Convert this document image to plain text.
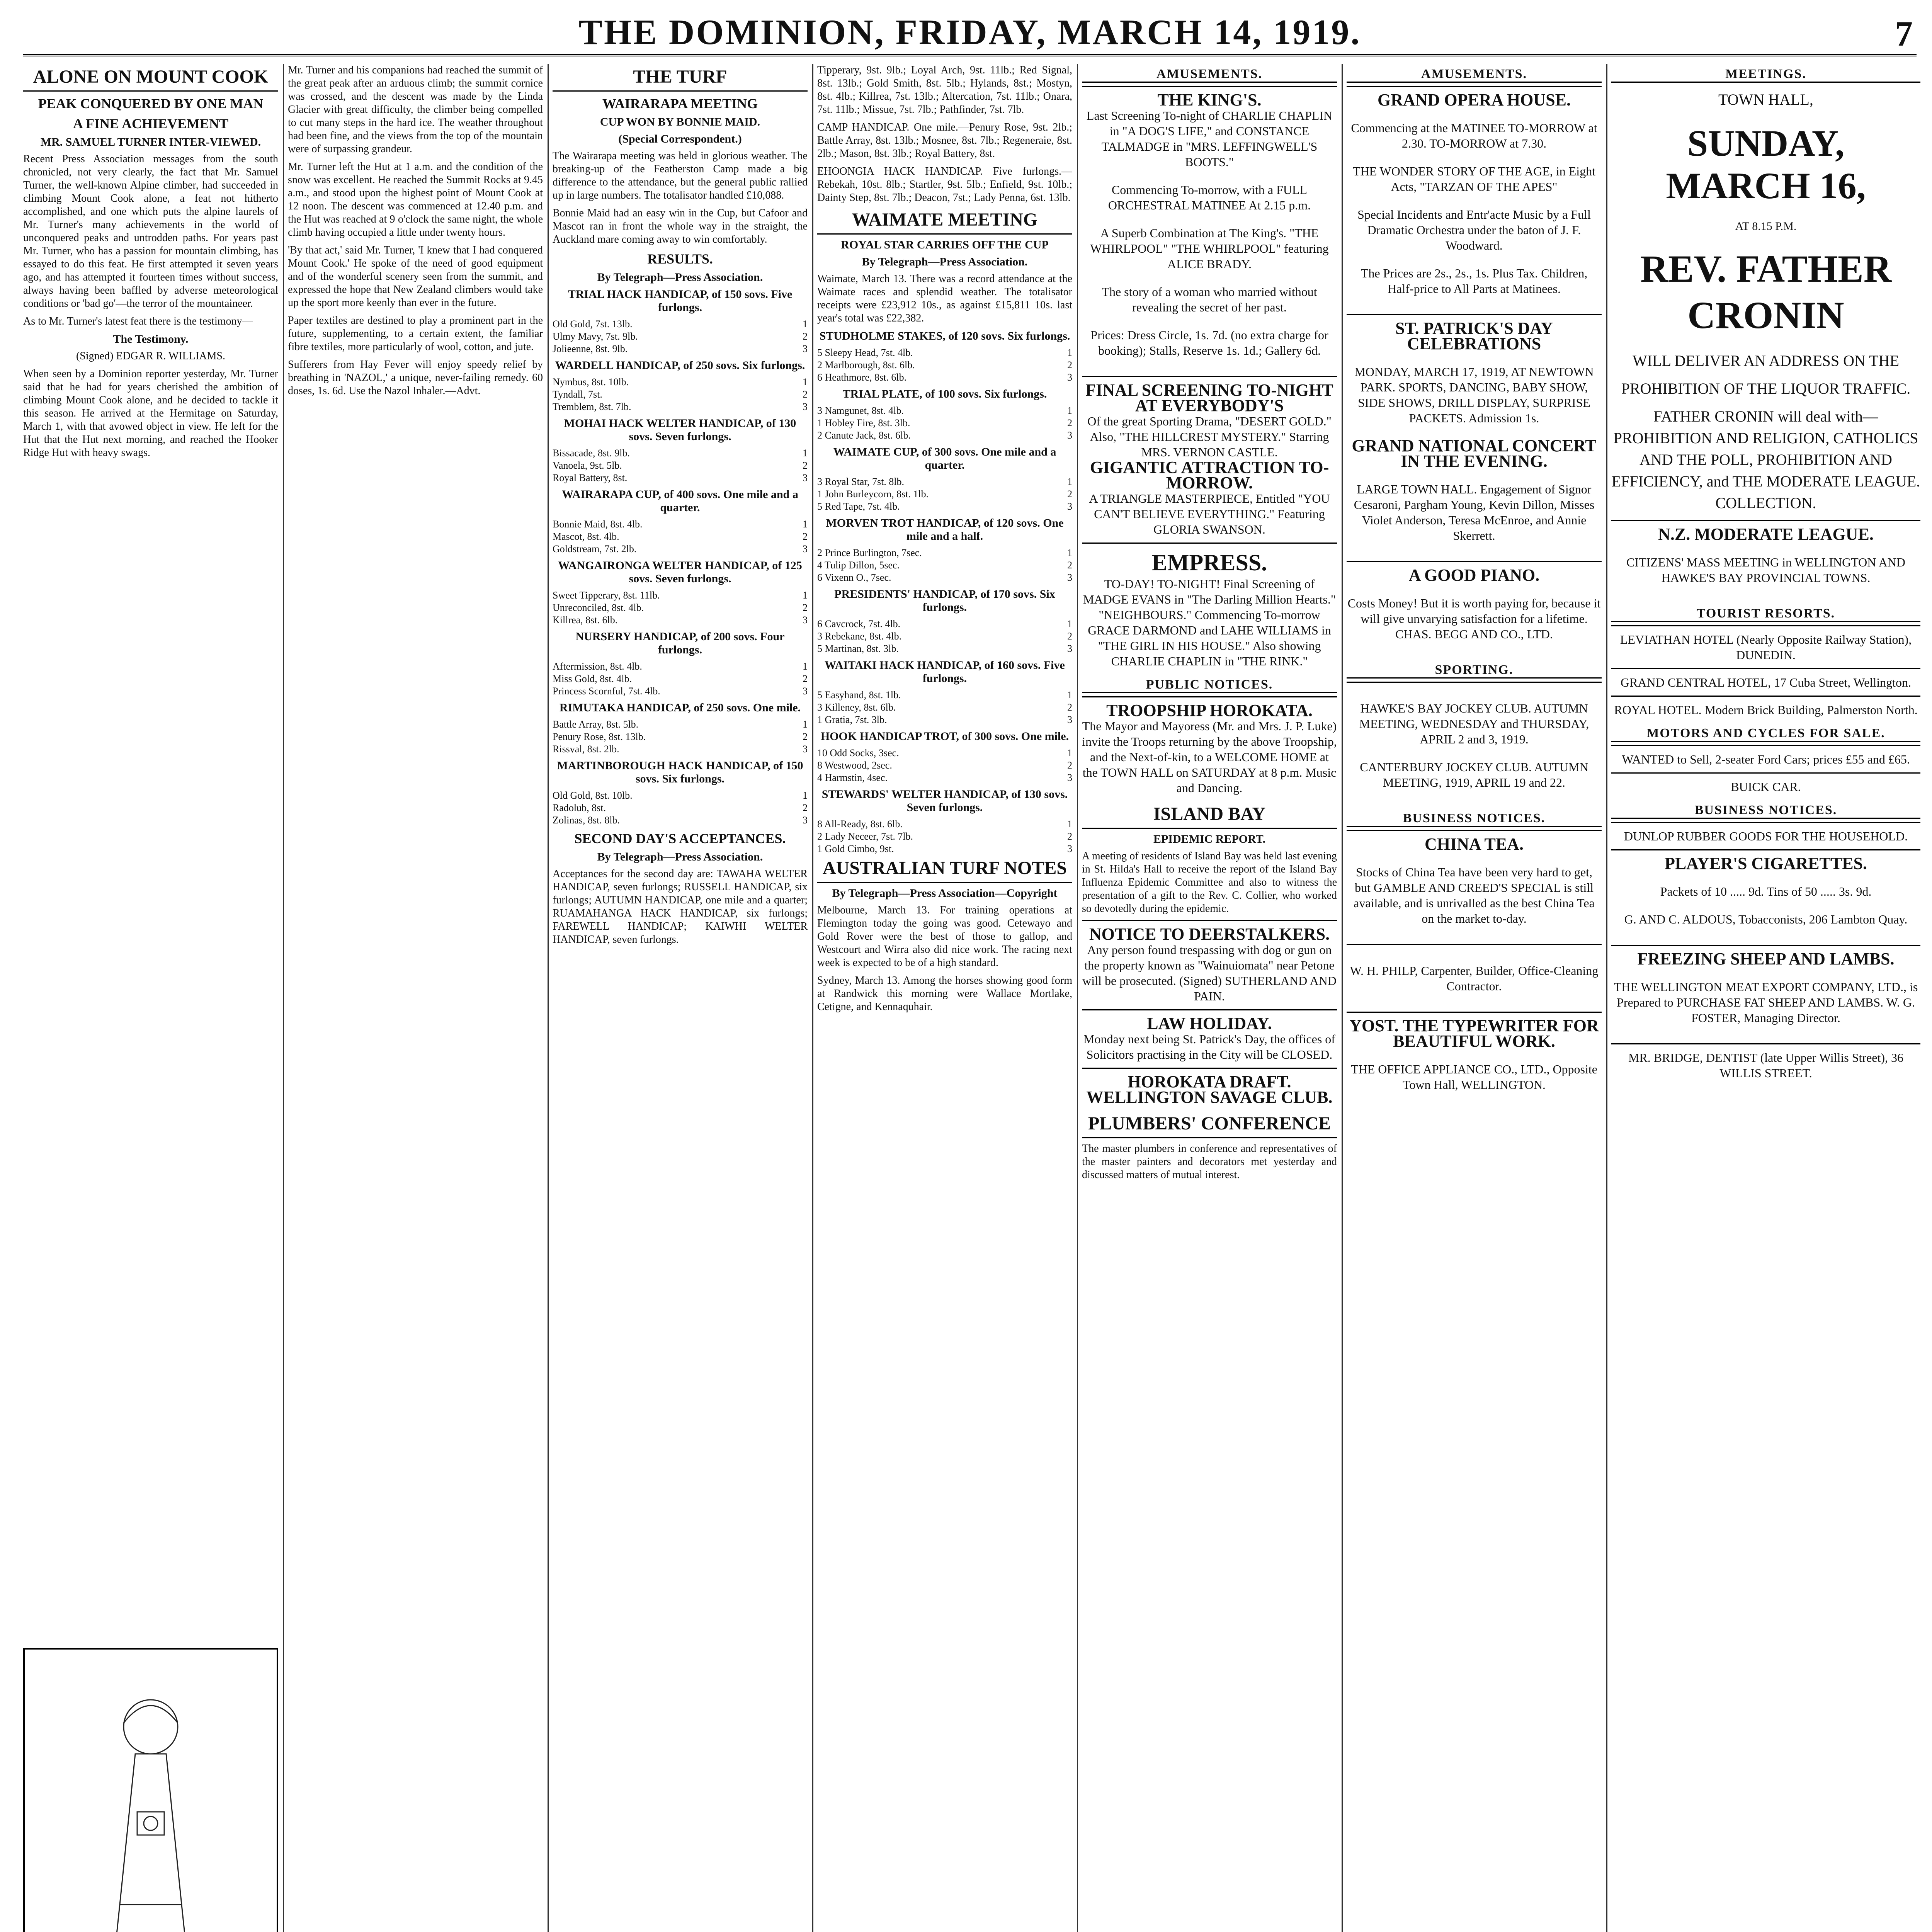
THE DOMINION, FRIDAY, MARCH 14, 1919.	7
ALONE ON MOUNT COOK
PEAK CONQUERED BY ONE MAN
A FINE ACHIEVEMENT
MR. SAMUEL TURNER INTER-VIEWED.

Recent Press Association messages from the south chronicled, not very clearly, the fact that Mr. Samuel Turner, the well-known Alpine climber, had succeeded in climbing Mount Cook alone, a feat not hitherto accomplished, and one which puts the alpine laurels of Mr. Turner's many achievements in the world of unconquered peaks and untrodden paths. For years past Mr. Turner, who has a passion for mountain climbing, has essayed to do this feat. He first attempted it seven years ago, and has attempted it fourteen times without success, always having been baffled by adverse meteorological conditions or 'bad go'—the terror of the mountaineer.

As to Mr. Turner's latest feat there is the testimony—

The Testimony.

(Signed) EDGAR R. WILLIAMS.

When seen by a Dominion reporter yesterday, Mr. Turner said that he had for years cherished the ambition of climbing Mount Cook alone, and he decided to tackle it this season. He arrived at the Hermitage on Saturday, March 1, with that avowed object in view. He left for the Hut that the Hut next morning, and reached the Hooker Ridge Hut with heavy swags.

Mr. Turner and his companions had reached the summit of the great peak after an arduous climb; the summit cornice was crossed, and the descent was made by the Linda Glacier with great difficulty, the climber being compelled to cut many steps in the hard ice. The weather throughout had been fine, and the views from the top of the mountain were of surpassing grandeur.

Mr. Turner left the Hut at 1 a.m. and the condition of the snow was excellent. He reached the Summit Rocks at 9.45 a.m., and stood upon the highest point of Mount Cook at 12 noon. The descent was commenced at 12.40 p.m. and the Hut was reached at 9 o'clock the same night, the whole climb having occupied a little under twenty hours.

'By that act,' said Mr. Turner, 'I knew that I had conquered Mount Cook.' He spoke of the need of good equipment and of the wonderful scenery seen from the summit, and expressed the hope that New Zealand climbers would take up the sport more keenly than ever in the future.

Paper textiles are destined to play a prominent part in the future, supplementing, to a certain extent, the familiar fibre textiles, more particularly of wool, cotton, and jute.

Sufferers from Hay Fever will enjoy speedy relief by breathing in 'NAZOL,' a unique, never-failing remedy. 60 doses, 1s. 6d. Use the Nazol Inhaler.—Advt.

THE TURF
WAIRARAPA MEETING
CUP WON BY BONNIE MAID.
(Special Correspondent.)

The Wairarapa meeting was held in glorious weather. The breaking-up of the Featherston Camp made a big difference to the attendance, but the general public rallied up in large numbers. The totalisator handled £10,088.

Bonnie Maid had an easy win in the Cup, but Cafoor and Mascot ran in front the whole way in the straight, the Auckland mare coming away to win comfortably.

RESULTS.
By Telegraph—Press Association.
TRIAL HACK HANDICAP, of 150 sovs. Five furlongs.
Old Gold, 7st. 13lb.	1
Ulmy Mavy, 7st. 9lb.	2
Jolieenne, 8st. 9lb.	3
WARDELL HANDICAP, of 250 sovs. Six furlongs.
Nymbus, 8st. 10lb.	1
Tyndall, 7st.	2
Tremblem, 8st. 7lb.	3
MOHAI HACK WELTER HANDICAP, of 130 sovs. Seven furlongs.
Bissacade, 8st. 9lb.	1
Vanoela, 9st. 5lb.	2
Royal Battery, 8st.	3
WAIRARAPA CUP, of 400 sovs. One mile and a quarter.
Bonnie Maid, 8st. 4lb.	1
Mascot, 8st. 4lb.	2
Goldstream, 7st. 2lb.	3
WANGAIRONGA WELTER HANDICAP, of 125 sovs. Seven furlongs.
Sweet Tipperary, 8st. 11lb.	1
Unreconciled, 8st. 4lb.	2
Killrea, 8st. 6lb.	3
NURSERY HANDICAP, of 200 sovs. Four furlongs.
Aftermission, 8st. 4lb.	1
Miss Gold, 8st. 4lb.	2
Princess Scornful, 7st. 4lb.	3
RIMUTAKA HANDICAP, of 250 sovs. One mile.
Battle Array, 8st. 5lb.	1
Penury Rose, 8st. 13lb.	2
Rissval, 8st. 2lb.	3
MARTINBOROUGH HACK HANDICAP, of 150 sovs. Six furlongs.
Old Gold, 8st. 10lb.	1
Radolub, 8st.	2
Zolinas, 8st. 8lb.	3
SECOND DAY'S ACCEPTANCES.
By Telegraph—Press Association.

Acceptances for the second day are: TAWAHA WELTER HANDICAP, seven furlongs; RUSSELL HANDICAP, six furlongs; AUTUMN HANDICAP, one mile and a quarter; RUAMAHANGA HACK HANDICAP, six furlongs; FAREWELL HANDICAP; KAIWHI WELTER HANDICAP, seven furlongs.

Tipperary, 9st. 9lb.; Loyal Arch, 9st. 11lb.; Red Signal, 8st. 13lb.; Gold Smith, 8st. 5lb.; Hylands, 8st.; Mostyn, 8st. 4lb.; Killrea, 7st. 13lb.; Altercation, 7st. 11lb.; Onara, 7st. 11lb.; Missue, 7st. 7lb.; Pathfinder, 7st. 7lb.

CAMP HANDICAP. One mile.—Penury Rose, 9st. 2lb.; Battle Array, 8st. 13lb.; Mosnee, 8st. 7lb.; Regeneraie, 8st. 2lb.; Mason, 8st. 3lb.; Royal Battery, 8st.

EHOONGIA HACK HANDICAP. Five furlongs.—Rebekah, 10st. 8lb.; Startler, 9st. 5lb.; Enfield, 9st. 10lb.; Dainty Step, 8st. 7lb.; Deacon, 7st.; Lady Penna, 6st. 13lb.

WAIMATE MEETING
ROYAL STAR CARRIES OFF THE CUP
By Telegraph—Press Association.

Waimate, March 13. There was a record attendance at the Waimate races and splendid weather. The totalisator receipts were £23,912 10s., as against £15,811 10s. last year's total was £22,382.

STUDHOLME STAKES, of 120 sovs. Six furlongs.
5 Sleepy Head, 7st. 4lb.	1
2 Marlborough, 8st. 6lb.	2
6 Heathmore, 8st. 6lb.	3
TRIAL PLATE, of 100 sovs. Six furlongs.
3 Namgunet, 8st. 4lb.	1
1 Hobley Fire, 8st. 3lb.	2
2 Canute Jack, 8st. 6lb.	3
WAIMATE CUP, of 300 sovs. One mile and a quarter.
3 Royal Star, 7st. 8lb.	1
1 John Burleycorn, 8st. 1lb.	2
5 Red Tape, 7st. 4lb.	3
MORVEN TROT HANDICAP, of 120 sovs. One mile and a half.
2 Prince Burlington, 7sec.	1
4 Tulip Dillon, 5sec.	2
6 Vixenn O., 7sec.	3
PRESIDENTS' HANDICAP, of 170 sovs. Six furlongs.
6 Cavcrock, 7st. 4lb.	1
3 Rebekane, 8st. 4lb.	2
5 Martinan, 8st. 3lb.	3
WAITAKI HACK HANDICAP, of 160 sovs. Five furlongs.
5 Easyhand, 8st. 1lb.	1
3 Killeney, 8st. 6lb.	2
1 Gratia, 7st. 3lb.	3
HOOK HANDICAP TROT, of 300 sovs. One mile.
10 Odd Socks, 3sec.	1
8 Westwood, 2sec.	2
4 Harmstin, 4sec.	3
STEWARDS' WELTER HANDICAP, of 130 sovs. Seven furlongs.
8 All-Ready, 8st. 6lb.	1
2 Lady Neceer, 7st. 7lb.	2
1 Gold Cimbo, 9st.	3
AUSTRALIAN TURF NOTES
By Telegraph—Press Association—Copyright

Melbourne, March 13. For training operations at Flemington today the going was good. Cetewayo and Gold Rover were the best of those to gallop, and Westcourt and Wirra also did nice work. The racing next week is expected to be of a high standard.

Sydney, March 13. Among the horses showing good form at Randwick this morning were Wallace Mortlake, Cetigne, and Kennaquhair.

AMUSEMENTS.
THE KING'S.
Last Screening To-night of CHARLIE CHAPLIN in "A DOG'S LIFE," and CONSTANCE TALMADGE in "MRS. LEFFINGWELL'S BOOTS."

Commencing To-morrow, with a FULL ORCHESTRAL MATINEE At 2.15 p.m.

A Superb Combination at The King's. "THE WHIRLPOOL" "THE WHIRLPOOL" featuring ALICE BRADY.

The story of a woman who married without revealing the secret of her past.

Prices: Dress Circle, 1s. 7d. (no extra charge for booking); Stalls, Reserve 1s. 1d.; Gallery 6d.

FINAL SCREENING TO-NIGHT AT EVERYBODY'S
Of the great Sporting Drama, "DESERT GOLD." Also, "THE HILLCREST MYSTERY." Starring MRS. VERNON CASTLE.
GIGANTIC ATTRACTION TO-MORROW.
A TRIANGLE MASTERPIECE, Entitled "YOU CAN'T BELIEVE EVERYTHING." Featuring GLORIA SWANSON.
EMPRESS.
TO-DAY! TO-NIGHT! Final Screening of MADGE EVANS in "The Darling Million Hearts." "NEIGHBOURS." Commencing To-morrow GRACE DARMOND and LAHE WILLIAMS in "THE GIRL IN HIS HOUSE." Also showing CHARLIE CHAPLIN in "THE RINK."
PUBLIC NOTICES.
TROOPSHIP HOROKATA.
The Mayor and Mayoress (Mr. and Mrs. J. P. Luke) invite the Troops returning by the above Troopship, and the Next-of-kin, to a WELCOME HOME at the TOWN HALL on SATURDAY at 8 p.m. Music and Dancing.
ISLAND BAY
EPIDEMIC REPORT.

A meeting of residents of Island Bay was held last evening in St. Hilda's Hall to receive the report of the Island Bay Influenza Epidemic Committee and also to witness the presentation of a gift to the Rev. C. Collier, who worked so devotedly during the epidemic.

NOTICE TO DEERSTALKERS.
Any person found trespassing with dog or gun on the property known as "Wainuiomata" near Petone will be prosecuted. (Signed) SUTHERLAND AND PAIN.
LAW HOLIDAY.
Monday next being St. Patrick's Day, the offices of Solicitors practising in the City will be CLOSED.
HOROKATA DRAFT.
WELLINGTON SAVAGE CLUB.
PLUMBERS' CONFERENCE

The master plumbers in conference and representatives of the master painters and decorators met yesterday and discussed matters of mutual interest.

AMUSEMENTS.
GRAND OPERA HOUSE.

Commencing at the MATINEE TO-MORROW at 2.30. TO-MORROW at 7.30.

THE WONDER STORY OF THE AGE, in Eight Acts, "TARZAN OF THE APES"

Special Incidents and Entr'acte Music by a Full Dramatic Orchestra under the baton of J. F. Woodward.

The Prices are 2s., 2s., 1s. Plus Tax. Children, Half-price to All Parts at Matinees.

ST. PATRICK'S DAY CELEBRATIONS

MONDAY, MARCH 17, 1919, AT NEWTOWN PARK. SPORTS, DANCING, BABY SHOW, SIDE SHOWS, DRILL DISPLAY, SURPRISE PACKETS. Admission 1s.

GRAND NATIONAL CONCERT IN THE EVENING.

LARGE TOWN HALL. Engagement of Signor Cesaroni, Pargham Young, Kevin Dillon, Misses Violet Anderson, Teresa McEnroe, and Annie Skerrett.

A GOOD PIANO.

Costs Money! But it is worth paying for, because it will give unvarying satisfaction for a lifetime. CHAS. BEGG AND CO., LTD.

SPORTING.

HAWKE'S BAY JOCKEY CLUB. AUTUMN MEETING, WEDNESDAY and THURSDAY, APRIL 2 and 3, 1919.

CANTERBURY JOCKEY CLUB. AUTUMN MEETING, 1919, APRIL 19 and 22.

BUSINESS NOTICES.
CHINA TEA.

Stocks of China Tea have been very hard to get, but GAMBLE AND CREED'S SPECIAL is still available, and is unrivalled as the best China Tea on the market to-day.

W. H. PHILP, Carpenter, Builder, Office-Cleaning Contractor.

YOST. THE TYPEWRITER FOR BEAUTIFUL WORK.

THE OFFICE APPLIANCE CO., LTD., Opposite Town Hall, WELLINGTON.

MEETINGS.
TOWN HALL,
SUNDAY, MARCH 16,
AT 8.15 P.M.
REV. FATHER CRONIN
WILL DELIVER AN ADDRESS ON THE
PROHIBITION OF THE LIQUOR TRAFFIC.
FATHER CRONIN will deal with—PROHIBITION AND RELIGION, CATHOLICS AND THE POLL, PROHIBITION AND EFFICIENCY, and THE MODERATE LEAGUE. COLLECTION.
N.Z. MODERATE LEAGUE.

CITIZENS' MASS MEETING in WELLINGTON AND HAWKE'S BAY PROVINCIAL TOWNS.

TOURIST RESORTS.
LEVIATHAN HOTEL (Nearly Opposite Railway Station), DUNEDIN.
GRAND CENTRAL HOTEL, 17 Cuba Street, Wellington.
ROYAL HOTEL. Modern Brick Building, Palmerston North.
MOTORS AND CYCLES FOR SALE.
WANTED to Sell, 2-seater Ford Cars; prices £55 and £65.
BUICK CAR.
BUSINESS NOTICES.
DUNLOP RUBBER GOODS FOR THE HOUSEHOLD.
PLAYER'S CIGARETTES.

Packets of 10 ..... 9d. Tins of 50 ..... 3s. 9d.

G. AND C. ALDOUS, Tobacconists, 206 Lambton Quay.

FREEZING SHEEP AND LAMBS.

THE WELLINGTON MEAT EXPORT COMPANY, LTD., is Prepared to PURCHASE FAT SHEEP AND LAMBS. W. G. FOSTER, Managing Director.

MR. BRIDGE, DENTIST (late Upper Willis Street), 36 WILLIS STREET.
